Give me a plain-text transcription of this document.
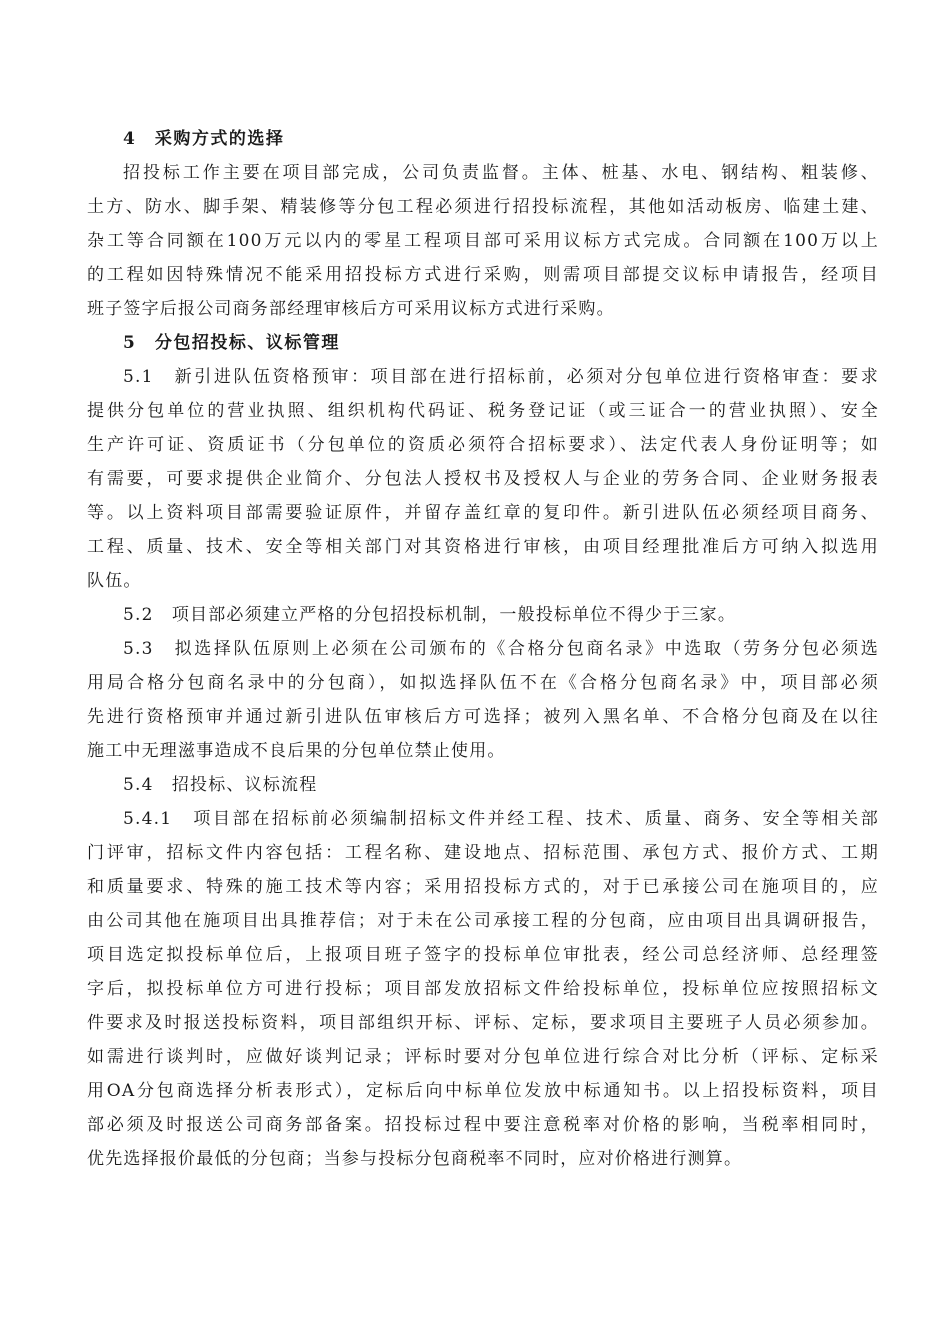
4　采购方式的选择
招投标工作主要在项目部完成，公司负责监督。主体、桩基、水电、钢结构、粗装修、
土方、防水、脚手架、精装修等分包工程必须进行招投标流程，其他如活动板房、临建土建、
杂工等合同额在100万元以内的零星工程项目部可采用议标方式完成。合同额在100万以上
的工程如因特殊情况不能采用招投标方式进行采购，则需项目部提交议标申请报告，经项目
班子签字后报公司商务部经理审核后方可采用议标方式进行采购。
5　分包招投标、议标管理
5.1　新引进队伍资格预审：项目部在进行招标前，必须对分包单位进行资格审查：要求
提供分包单位的营业执照、组织机构代码证、税务登记证（或三证合一的营业执照）、安全
生产许可证、资质证书（分包单位的资质必须符合招标要求）、法定代表人身份证明等；如
有需要，可要求提供企业简介、分包法人授权书及授权人与企业的劳务合同、企业财务报表
等。以上资料项目部需要验证原件，并留存盖红章的复印件。新引进队伍必须经项目商务、
工程、质量、技术、安全等相关部门对其资格进行审核，由项目经理批准后方可纳入拟选用
队伍。
5.2　项目部必须建立严格的分包招投标机制，一般投标单位不得少于三家。
5.3　拟选择队伍原则上必须在公司颁布的《合格分包商名录》中选取（劳务分包必须选
用局合格分包商名录中的分包商），如拟选择队伍不在《合格分包商名录》中，项目部必须
先进行资格预审并通过新引进队伍审核后方可选择；被列入黑名单、不合格分包商及在以往
施工中无理滋事造成不良后果的分包单位禁止使用。
5.4　招投标、议标流程
5.4.1　项目部在招标前必须编制招标文件并经工程、技术、质量、商务、安全等相关部
门评审，招标文件内容包括：工程名称、建设地点、招标范围、承包方式、报价方式、工期
和质量要求、特殊的施工技术等内容；采用招投标方式的，对于已承接公司在施项目的，应
由公司其他在施项目出具推荐信；对于未在公司承接工程的分包商，应由项目出具调研报告，
项目选定拟投标单位后，上报项目班子签字的投标单位审批表，经公司总经济师、总经理签
字后，拟投标单位方可进行投标；项目部发放招标文件给投标单位，投标单位应按照招标文
件要求及时报送投标资料，项目部组织开标、评标、定标，要求项目主要班子人员必须参加。
如需进行谈判时，应做好谈判记录；评标时要对分包单位进行综合对比分析（评标、定标采
用OA分包商选择分析表形式），定标后向中标单位发放中标通知书。以上招投标资料，项目
部必须及时报送公司商务部备案。招投标过程中要注意税率对价格的影响，当税率相同时，
优先选择报价最低的分包商；当参与投标分包商税率不同时，应对价格进行测算。
